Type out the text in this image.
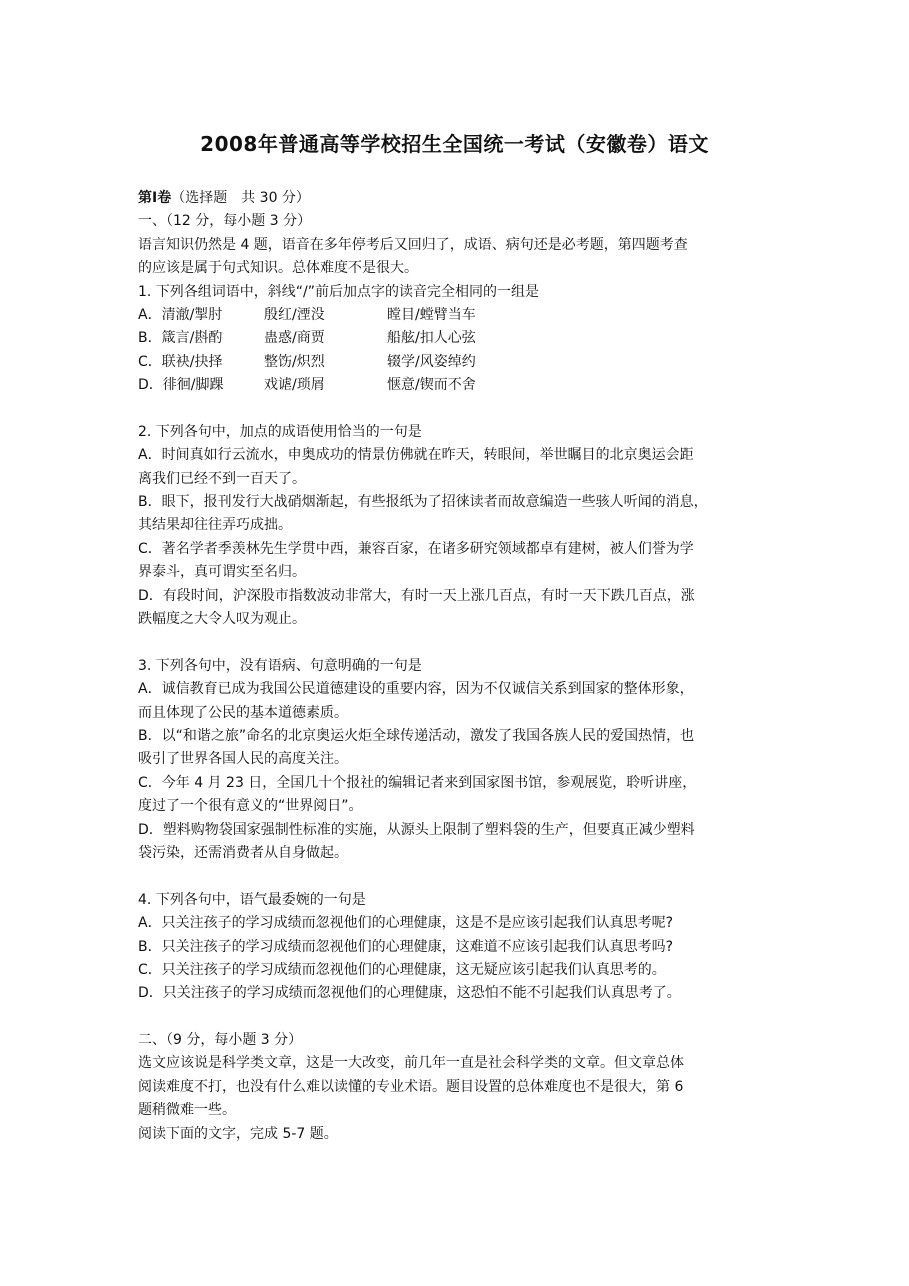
2008年普通高等学校招生全国统一考试（安徽卷）语文
第Ⅰ卷（选择题　共 30 分）
一、（12 分，每小题 3 分）
语言知识仍然是 4 题，语音在多年停考后又回归了，成语、病句还是必考题，第四题考查
的应该是属于句式知识。总体难度不是很大。
1. 下列各组词语中，斜线“/”前后加点字的读音完全相同的一组是
A．清澈/掣肘	殷红/湮没	瞠目/螳臂当车
B．箴言/斟酌	蛊惑/商贾	船舷/扣人心弦
C．联袂/抉择	整饬/炽烈	辍学/风姿绰约
D．徘徊/脚踝	戏谑/琐屑	惬意/锲而不舍
2. 下列各句中，加点的成语使用恰当的一句是
A．时间真如行云流水，申奥成功的情景仿佛就在昨天，转眼间，举世瞩目的北京奥运会距
离我们已经不到一百天了。
B．眼下，报刊发行大战硝烟渐起，有些报纸为了招徕读者而故意编造一些骇人听闻的消息，
其结果却往往弄巧成拙。
C．著名学者季羡林先生学贯中西，兼容百家，在诸多研究领域都卓有建树，被人们誉为学
界泰斗，真可谓实至名归。
D．有段时间，沪深股市指数波动非常大，有时一天上涨几百点，有时一天下跌几百点，涨
跌幅度之大令人叹为观止。
3. 下列各句中，没有语病、句意明确的一句是
A．诚信教育已成为我国公民道德建设的重要内容，因为不仅诚信关系到国家的整体形象，
而且体现了公民的基本道德素质。
B．以“和谐之旅”命名的北京奥运火炬全球传递活动，激发了我国各族人民的爱国热情，也
吸引了世界各国人民的高度关注。
C．今年 4 月 23 日，全国几十个报社的编辑记者来到国家图书馆，参观展览，聆听讲座，
度过了一个很有意义的“世界阅日”。
D．塑料购物袋国家强制性标准的实施，从源头上限制了塑料袋的生产，但要真正减少塑料
袋污染，还需消费者从自身做起。
4. 下列各句中，语气最委婉的一句是
A．只关注孩子的学习成绩而忽视他们的心理健康，这是不是应该引起我们认真思考呢?
B．只关注孩子的学习成绩而忽视他们的心理健康，这难道不应该引起我们认真思考吗?
C．只关注孩子的学习成绩而忽视他们的心理健康，这无疑应该引起我们认真思考的。
D．只关注孩子的学习成绩而忽视他们的心理健康，这恐怕不能不引起我们认真思考了。
二、（9 分，每小题 3 分）
选文应该说是科学类文章，这是一大改变，前几年一直是社会科学类的文章。但文章总体
阅读难度不打，也没有什么难以读懂的专业术语。题目设置的总体难度也不是很大，第 6
题稍微难一些。
阅读下面的文字，完成 5-7 题。
